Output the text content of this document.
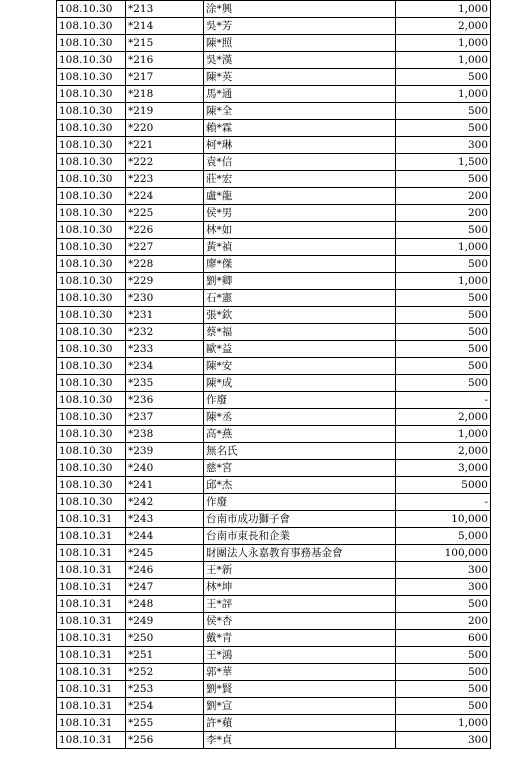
108.10.30	*213	涂*興	1,000
108.10.30	*214	吳*芳	2,000
108.10.30	*215	陳*照	1,000
108.10.30	*216	吳*漢	1,000
108.10.30	*217	陳*英	500
108.10.30	*218	馬*通	1,000
108.10.30	*219	陳*全	500
108.10.30	*220	賴*霖	500
108.10.30	*221	柯*琳	300
108.10.30	*222	袁*信	1,500
108.10.30	*223	莊*宏	500
108.10.30	*224	盧*龍	200
108.10.30	*225	侯*男	200
108.10.30	*226	林*如	500
108.10.30	*227	黃*禎	1,000
108.10.30	*228	廖*傑	500
108.10.30	*229	劉*卿	1,000
108.10.30	*230	石*憲	500
108.10.30	*231	張*欽	500
108.10.30	*232	蔡*福	500
108.10.30	*233	歐*益	500
108.10.30	*234	陳*安	500
108.10.30	*235	陳*成	500
108.10.30	*236	作廢	-
108.10.30	*237	陳*丞	2,000
108.10.30	*238	高*燕	1,000
108.10.30	*239	無名氏	2,000
108.10.30	*240	慈*宮	3,000
108.10.30	*241	邱*杰	5000
108.10.30	*242	作廢	-
108.10.31	*243	台南市成功獅子會	10,000
108.10.31	*244	台南市東長和企業	5,000
108.10.31	*245	財團法人永嘉教育事務基金會	100,000
108.10.31	*246	王*新	300
108.10.31	*247	林*坤	300
108.10.31	*248	王*評	500
108.10.31	*249	侯*杏	200
108.10.31	*250	戴*青	600
108.10.31	*251	王*鴻	500
108.10.31	*252	郭*華	500
108.10.31	*253	劉*賢	500
108.10.31	*254	劉*宣	500
108.10.31	*255	許*蘋	1,000
108.10.31	*256	李*貞	300
